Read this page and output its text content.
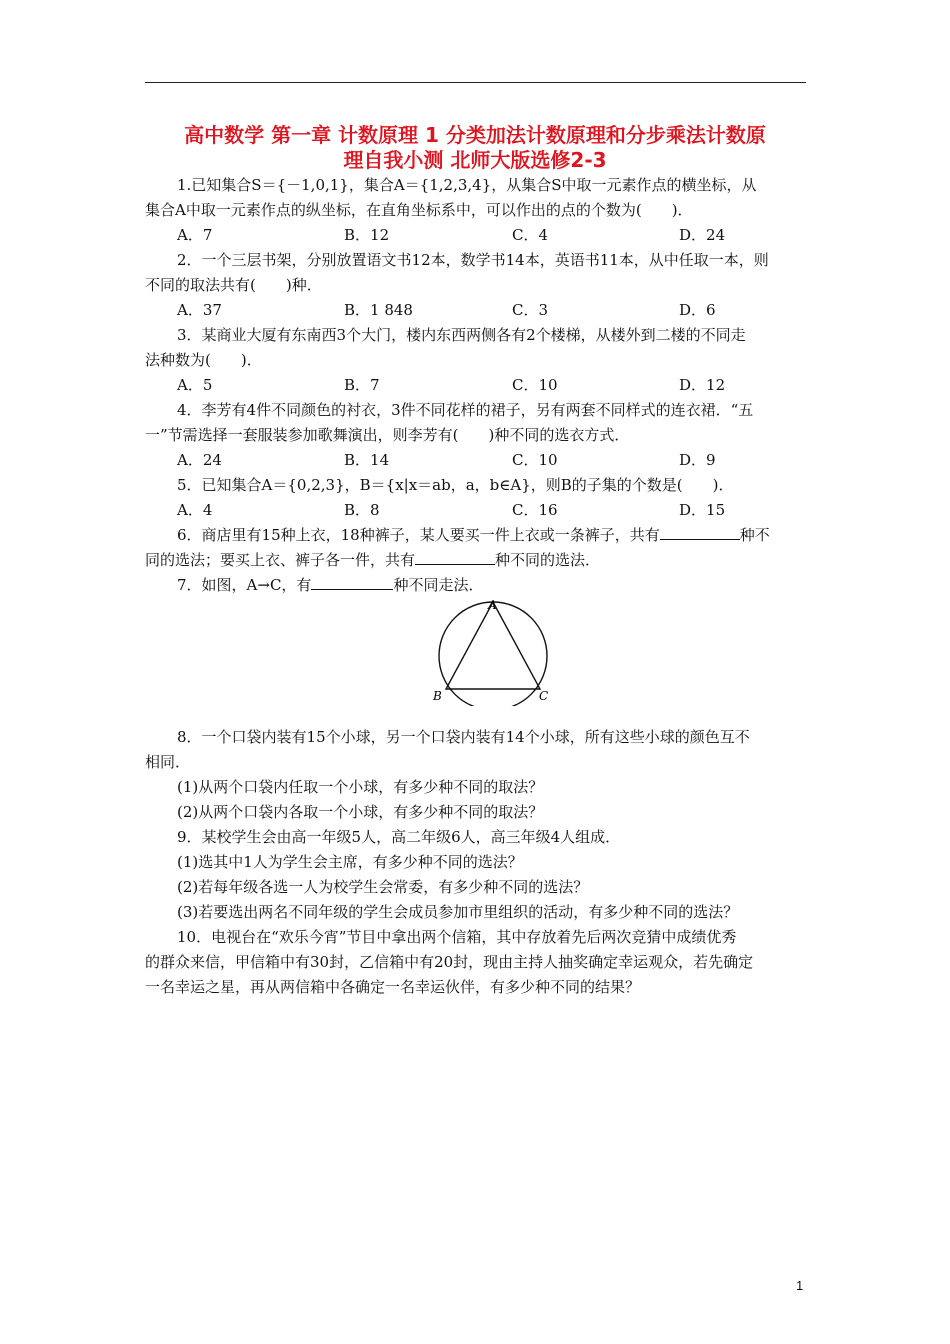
高中数学 第一章 计数原理 1 分类加法计数原理和分步乘法计数原
理自我小测 北师大版选修2-3
1.已知集合S＝{－1,0,1}，集合A＝{1,2,3,4}，从集合S中取一元素作点的横坐标，从
集合A中取一元素作点的纵坐标，在直角坐标系中，可以作出的点的个数为(　　)．
A．7	B．12	C．4	D．24
2．一个三层书架，分别放置语文书12本，数学书14本，英语书11本，从中任取一本，则
不同的取法共有(　　)种．
A．37	B．1 848	C．3	D．6
3．某商业大厦有东南西3个大门，楼内东西两侧各有2个楼梯，从楼外到二楼的不同走
法种数为(　　)．
A．5	B．7	C．10	D．12
4．李芳有4件不同颜色的衬衣，3件不同花样的裙子，另有两套不同样式的连衣裙．“五
一”节需选择一套服装参加歌舞演出，则李芳有(　　)种不同的选衣方式．
A．24	B．14	C．10	D．9
5．已知集合A＝{0,2,3}，B＝{x|x＝ab，a，b∈A}，则B的子集的个数是(　　)．
A．4	B．8	C．16	D．15
6．商店里有15种上衣，18种裤子，某人要买一件上衣或一条裤子，共有	种不
同的选法；要买上衣、裤子各一件，共有	种不同的选法．
7．如图，A→C，有	种不同走法．
A
B	C
8．一个口袋内装有15个小球，另一个口袋内装有14个小球，所有这些小球的颜色互不
相同．
(1)从两个口袋内任取一个小球，有多少种不同的取法？
(2)从两个口袋内各取一个小球，有多少种不同的取法？
9．某校学生会由高一年级5人，高二年级6人，高三年级4人组成．
(1)选其中1人为学生会主席，有多少种不同的选法？
(2)若每年级各选一人为校学生会常委，有多少种不同的选法？
(3)若要选出两名不同年级的学生会成员参加市里组织的活动，有多少种不同的选法？
10．电视台在“欢乐今宵”节目中拿出两个信箱，其中存放着先后两次竞猜中成绩优秀
的群众来信，甲信箱中有30封，乙信箱中有20封，现由主持人抽奖确定幸运观众，若先确定
一名幸运之星，再从两信箱中各确定一名幸运伙伴，有多少种不同的结果？
1
